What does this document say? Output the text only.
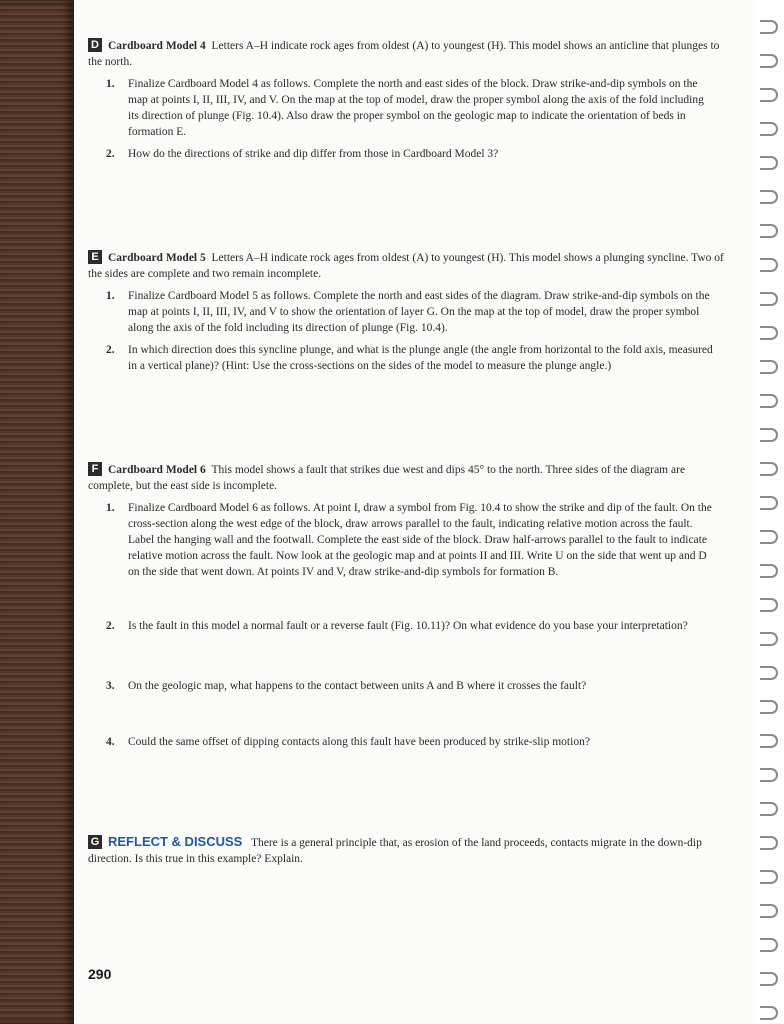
D Cardboard Model 4 Letters A–H indicate rock ages from oldest (A) to youngest (H). This model shows an anticline that plunges to the north.
1.	Finalize Cardboard Model 4 as follows. Complete the north and east sides of the block. Draw strike-and-dip symbols on the map at points I, II, III, IV, and V. On the map at the top of model, draw the proper symbol along the axis of the fold including its direction of plunge (Fig. 10.4). Also draw the proper symbol on the geologic map to indicate the orientation of beds in formation E.
2.	How do the directions of strike and dip differ from those in Cardboard Model 3?
E Cardboard Model 5 Letters A–H indicate rock ages from oldest (A) to youngest (H). This model shows a plunging syncline. Two of the sides are complete and two remain incomplete.
1.	Finalize Cardboard Model 5 as follows. Complete the north and east sides of the diagram. Draw strike-and-dip symbols on the map at points I, II, III, IV, and V to show the orientation of layer G. On the map at the top of model, draw the proper symbol along the axis of the fold including its direction of plunge (Fig. 10.4).
2.	In which direction does this syncline plunge, and what is the plunge angle (the angle from horizontal to the fold axis, measured in a vertical plane)? (Hint: Use the cross-sections on the sides of the model to measure the plunge angle.)
F Cardboard Model 6 This model shows a fault that strikes due west and dips 45° to the north. Three sides of the diagram are complete, but the east side is incomplete.
1.	Finalize Cardboard Model 6 as follows. At point I, draw a symbol from Fig. 10.4 to show the strike and dip of the fault. On the cross-section along the west edge of the block, draw arrows parallel to the fault, indicating relative motion across the fault. Label the hanging wall and the footwall. Complete the east side of the block. Draw half-arrows parallel to the fault to indicate relative motion across the fault. Now look at the geologic map and at points II and III. Write U on the side that went up and D on the side that went down. At points IV and V, draw strike-and-dip symbols for formation B.
2.	Is the fault in this model a normal fault or a reverse fault (Fig. 10.11)? On what evidence do you base your interpretation?
3.	On the geologic map, what happens to the contact between units A and B where it crosses the fault?
4.	Could the same offset of dipping contacts along this fault have been produced by strike-slip motion?
G REFLECT & DISCUSS There is a general principle that, as erosion of the land proceeds, contacts migrate in the down-dip direction. Is this true in this example? Explain.
290
